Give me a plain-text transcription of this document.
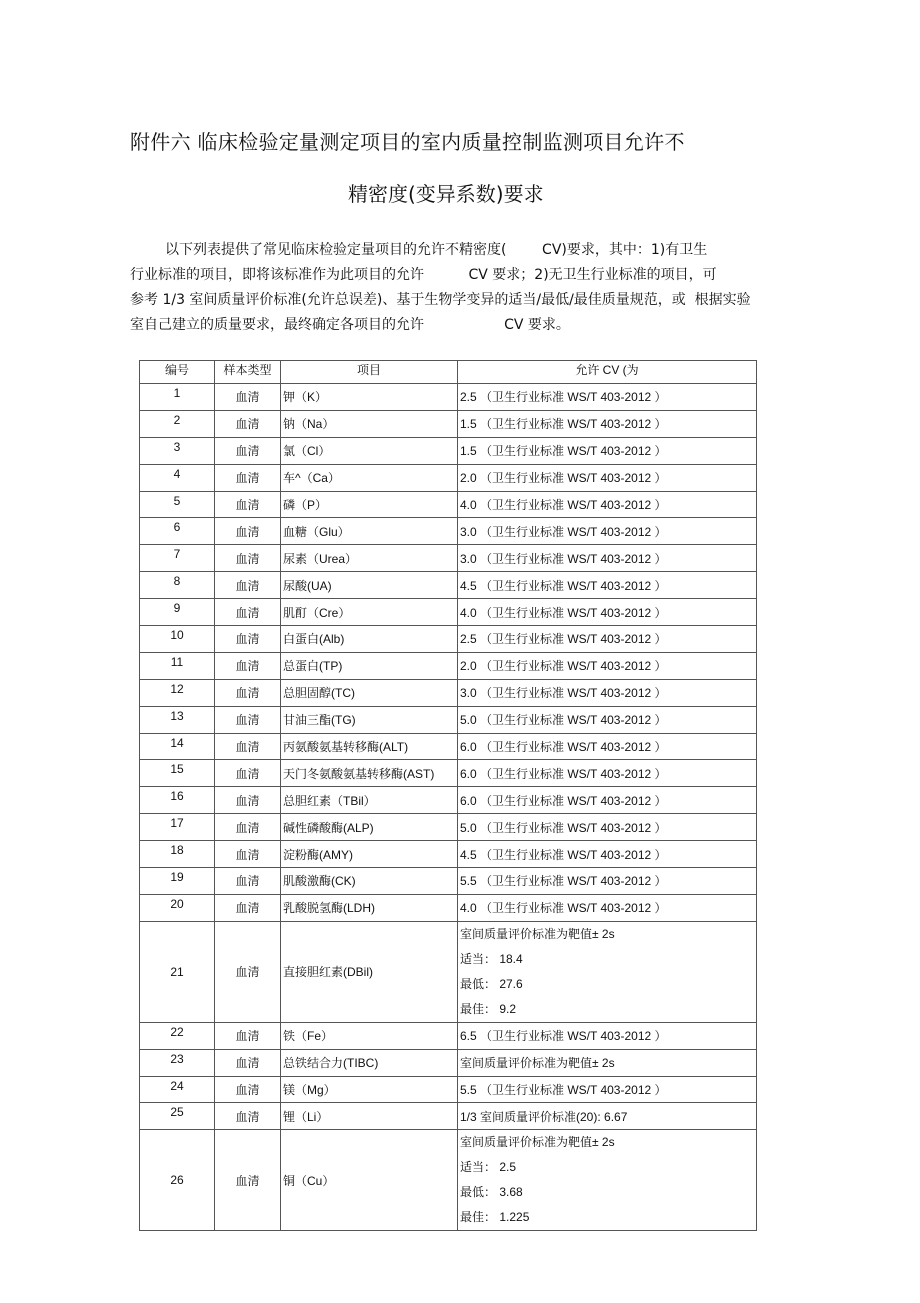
附件六 临床检验定量测定项目的室内质量控制监测项目允许不
精密度(变异系数)要求
以下列表提供了常见临床检验定量项目的允许不精密度(        CV)要求，其中：1)有卫生
行业标准的项目，即将该标准作为此项目的允许          CV 要求；2)无卫生行业标准的项目，可
参考 1/3 室间质量评价标准(允许总误差)、基于生物学变异的适当/最低/最佳质量规范，或  根据实验
室自己建立的质量要求，最终确定各项目的允许                  CV 要求。
编号	样本类型	项目	允许 CV (为
1	血清	钾（K）	2.5 （卫生行业标准 WS/T 403-2012 ）
2	血清	钠（Na）	1.5 （卫生行业标准 WS/T 403-2012 ）
3	血清	氯（Cl）	1.5 （卫生行业标准 WS/T 403-2012 ）
4	血清	车^（Ca）	2.0 （卫生行业标准 WS/T 403-2012 ）
5	血清	磷（P）	4.0 （卫生行业标准 WS/T 403-2012 ）
6	血清	血糖（Glu）	3.0 （卫生行业标准 WS/T 403-2012 ）
7	血清	尿素（Urea）	3.0 （卫生行业标准 WS/T 403-2012 ）
8	血清	尿酸(UA)	4.5 （卫生行业标准 WS/T 403-2012 ）
9	血清	肌酊（Cre）	4.0 （卫生行业标准 WS/T 403-2012 ）
10	血清	白蛋白(Alb)	2.5 （卫生行业标准 WS/T 403-2012 ）
11	血清	总蛋白(TP)	2.0 （卫生行业标准 WS/T 403-2012 ）
12	血清	总胆固醇(TC)	3.0 （卫生行业标准 WS/T 403-2012 ）
13	血清	甘油三酯(TG)	5.0 （卫生行业标准 WS/T 403-2012 ）
14	血清	丙氨酸氨基转移酶(ALT)	6.0 （卫生行业标准 WS/T 403-2012 ）
15	血清	天门冬氨酸氨基转移酶(AST)	6.0 （卫生行业标准 WS/T 403-2012 ）
16	血清	总胆红素（TBil）	6.0 （卫生行业标准 WS/T 403-2012 ）
17	血清	碱性磷酸酶(ALP)	5.0 （卫生行业标准 WS/T 403-2012 ）
18	血清	淀粉酶(AMY)	4.5 （卫生行业标准 WS/T 403-2012 ）
19	血清	肌酸激酶(CK)	5.5 （卫生行业标准 WS/T 403-2012 ）
20	血清	乳酸脱氢酶(LDH)	4.0 （卫生行业标准 WS/T 403-2012 ）
21	血清	直接胆红素(DBil)	室间质量评价标准为靶值± 2s
适当： 18.4
最低： 27.6
最佳： 9.2

22	血清	铁（Fe）	6.5 （卫生行业标准 WS/T 403-2012 ）
23	血清	总铁结合力(TIBC)	室间质量评价标准为靶值± 2s
24	血清	镁（Mg）	5.5 （卫生行业标准 WS/T 403-2012 ）
25	血清	锂（Li）	1/3 室间质量评价标准(20): 6.67
26	血清	铜（Cu）	室间质量评价标准为靶值± 2s
适当： 2.5
最低： 3.68
最佳： 1.225
